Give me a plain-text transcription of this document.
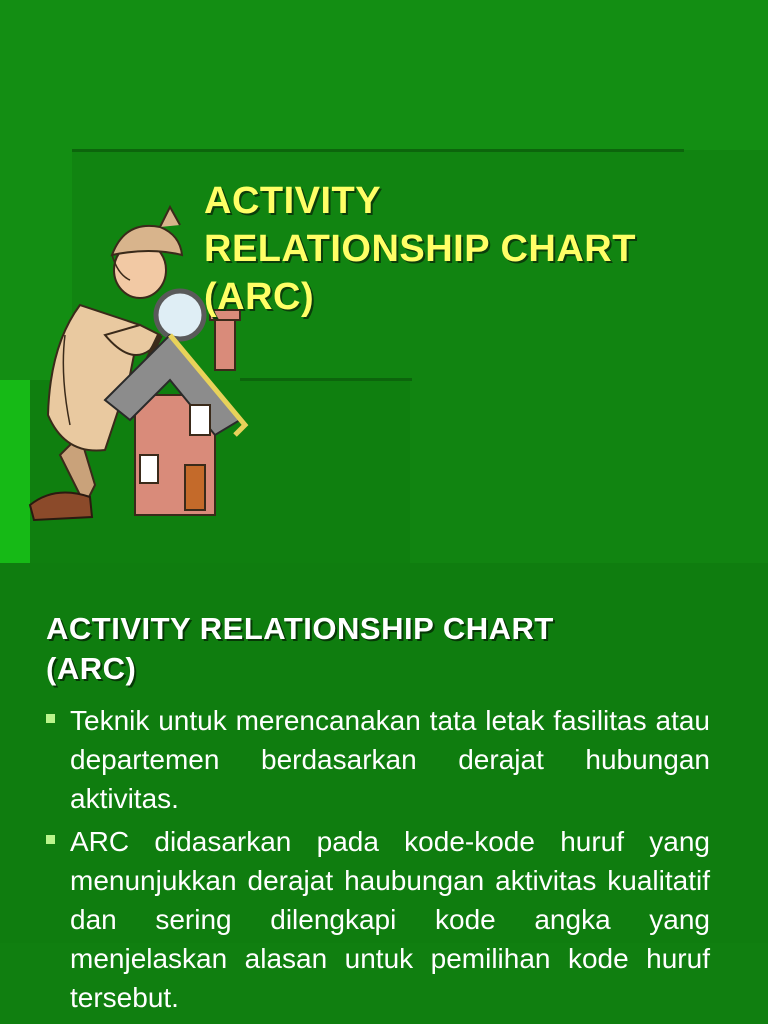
ACTIVITY
RELATIONSHIP CHART
(ARC)
ACTIVITY RELATIONSHIP CHART
(ARC)
Teknik untuk merencanakan tata letak fasilitas atau departemen berdasarkan derajat hubungan aktivitas.
ARC didasarkan pada kode-kode huruf yang menunjukkan derajat haubungan aktivitas kualitatif dan sering dilengkapi kode angka yang menjelaskan alasan untuk pemilihan kode huruf tersebut.
